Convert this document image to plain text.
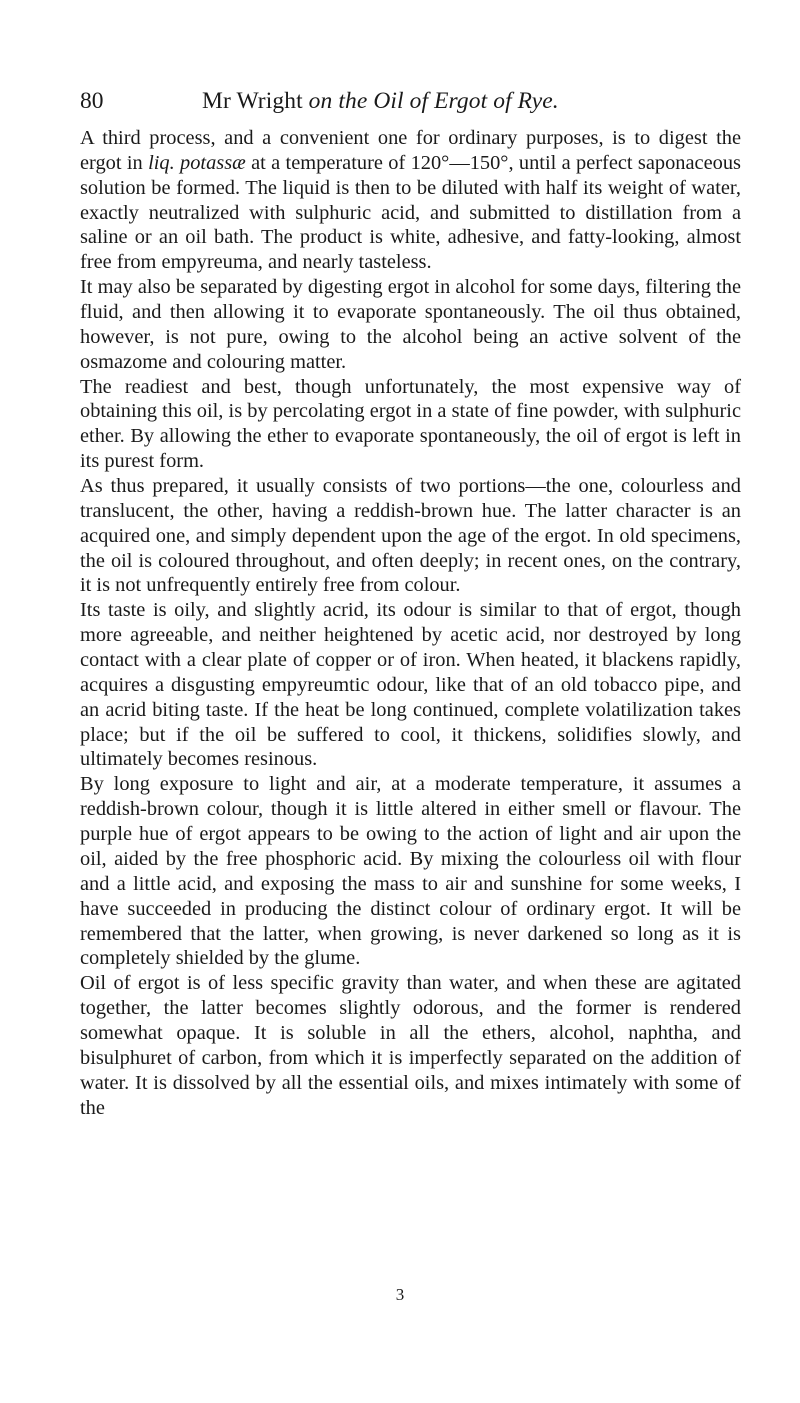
80	Mr Wright on the Oil of Ergot of Rye.

A third process, and a convenient one for ordinary purposes, is to digest the ergot in liq. potassæ at a temperature of 120°—150°, until a perfect saponaceous solution be formed. The liquid is then to be diluted with half its weight of water, exactly neutralized with sulphuric acid, and submitted to distillation from a saline or an oil bath. The product is white, adhesive, and fatty-looking, almost free from empyreuma, and nearly tasteless.

It may also be separated by digesting ergot in alcohol for some days, filtering the fluid, and then allowing it to evaporate spontaneously. The oil thus obtained, however, is not pure, owing to the alcohol being an active solvent of the osmazome and colouring matter.

The readiest and best, though unfortunately, the most expensive way of obtaining this oil, is by percolating ergot in a state of fine powder, with sulphuric ether. By allowing the ether to evaporate spontaneously, the oil of ergot is left in its purest form.

As thus prepared, it usually consists of two portions—the one, colourless and translucent, the other, having a reddish-brown hue. The latter character is an acquired one, and simply dependent upon the age of the ergot. In old specimens, the oil is coloured throughout, and often deeply; in recent ones, on the contrary, it is not unfrequently entirely free from colour.

Its taste is oily, and slightly acrid, its odour is similar to that of ergot, though more agreeable, and neither heightened by acetic acid, nor destroyed by long contact with a clear plate of copper or of iron. When heated, it blackens rapidly, acquires a disgusting empyreumtic odour, like that of an old tobacco pipe, and an acrid biting taste. If the heat be long continued, complete volatilization takes place; but if the oil be suffered to cool, it thickens, solidifies slowly, and ultimately becomes resinous.

By long exposure to light and air, at a moderate temperature, it assumes a reddish-brown colour, though it is little altered in either smell or flavour. The purple hue of ergot appears to be owing to the action of light and air upon the oil, aided by the free phosphoric acid. By mixing the colourless oil with flour and a little acid, and exposing the mass to air and sunshine for some weeks, I have succeeded in producing the distinct colour of ordinary ergot. It will be remembered that the latter, when growing, is never darkened so long as it is completely shielded by the glume.

Oil of ergot is of less specific gravity than water, and when these are agitated together, the latter becomes slightly odorous, and the former is rendered somewhat opaque. It is soluble in all the ethers, alcohol, naphtha, and bisulphuret of carbon, from which it is imperfectly separated on the addition of water. It is dissolved by all the essential oils, and mixes intimately with some of the

3
